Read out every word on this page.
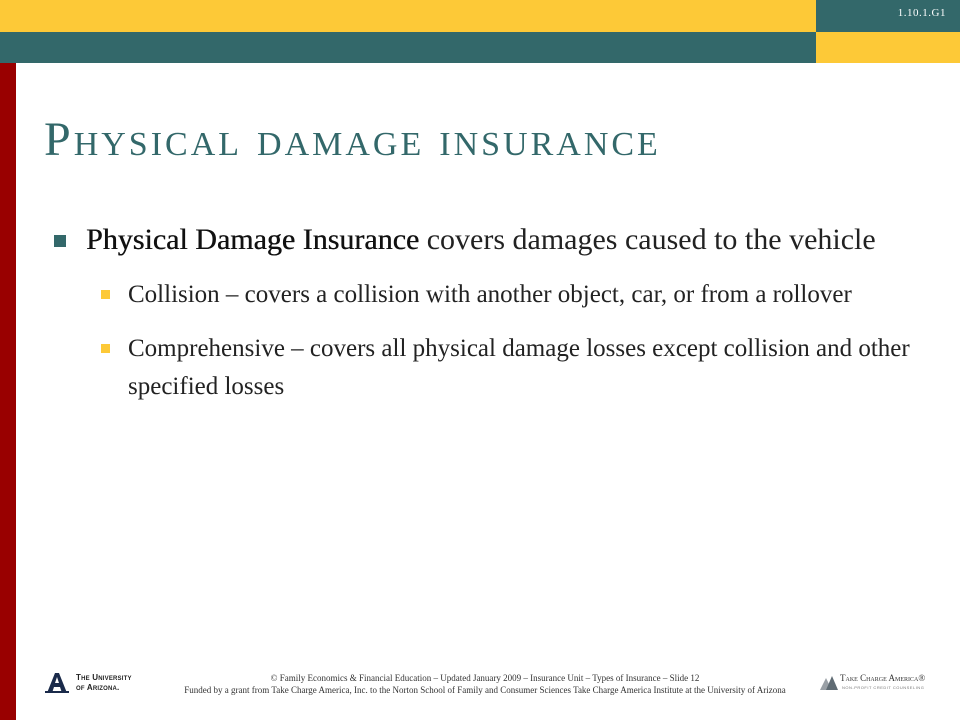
1.10.1.G1
Physical damage insurance
Physical Damage Insurance covers damages caused to the vehicle
Collision – covers a collision with another object, car, or from a rollover
Comprehensive – covers all physical damage losses except collision and other specified losses
The University
of Arizona.
© Family Economics & Financial Education – Updated January 2009 – Insurance Unit – Types of Insurance – Slide 12
Funded by a grant from Take Charge America, Inc. to the Norton School of Family and Consumer Sciences Take Charge America Institute at the University of Arizona
Take Charge America®
NON-PROFIT CREDIT COUNSELING
